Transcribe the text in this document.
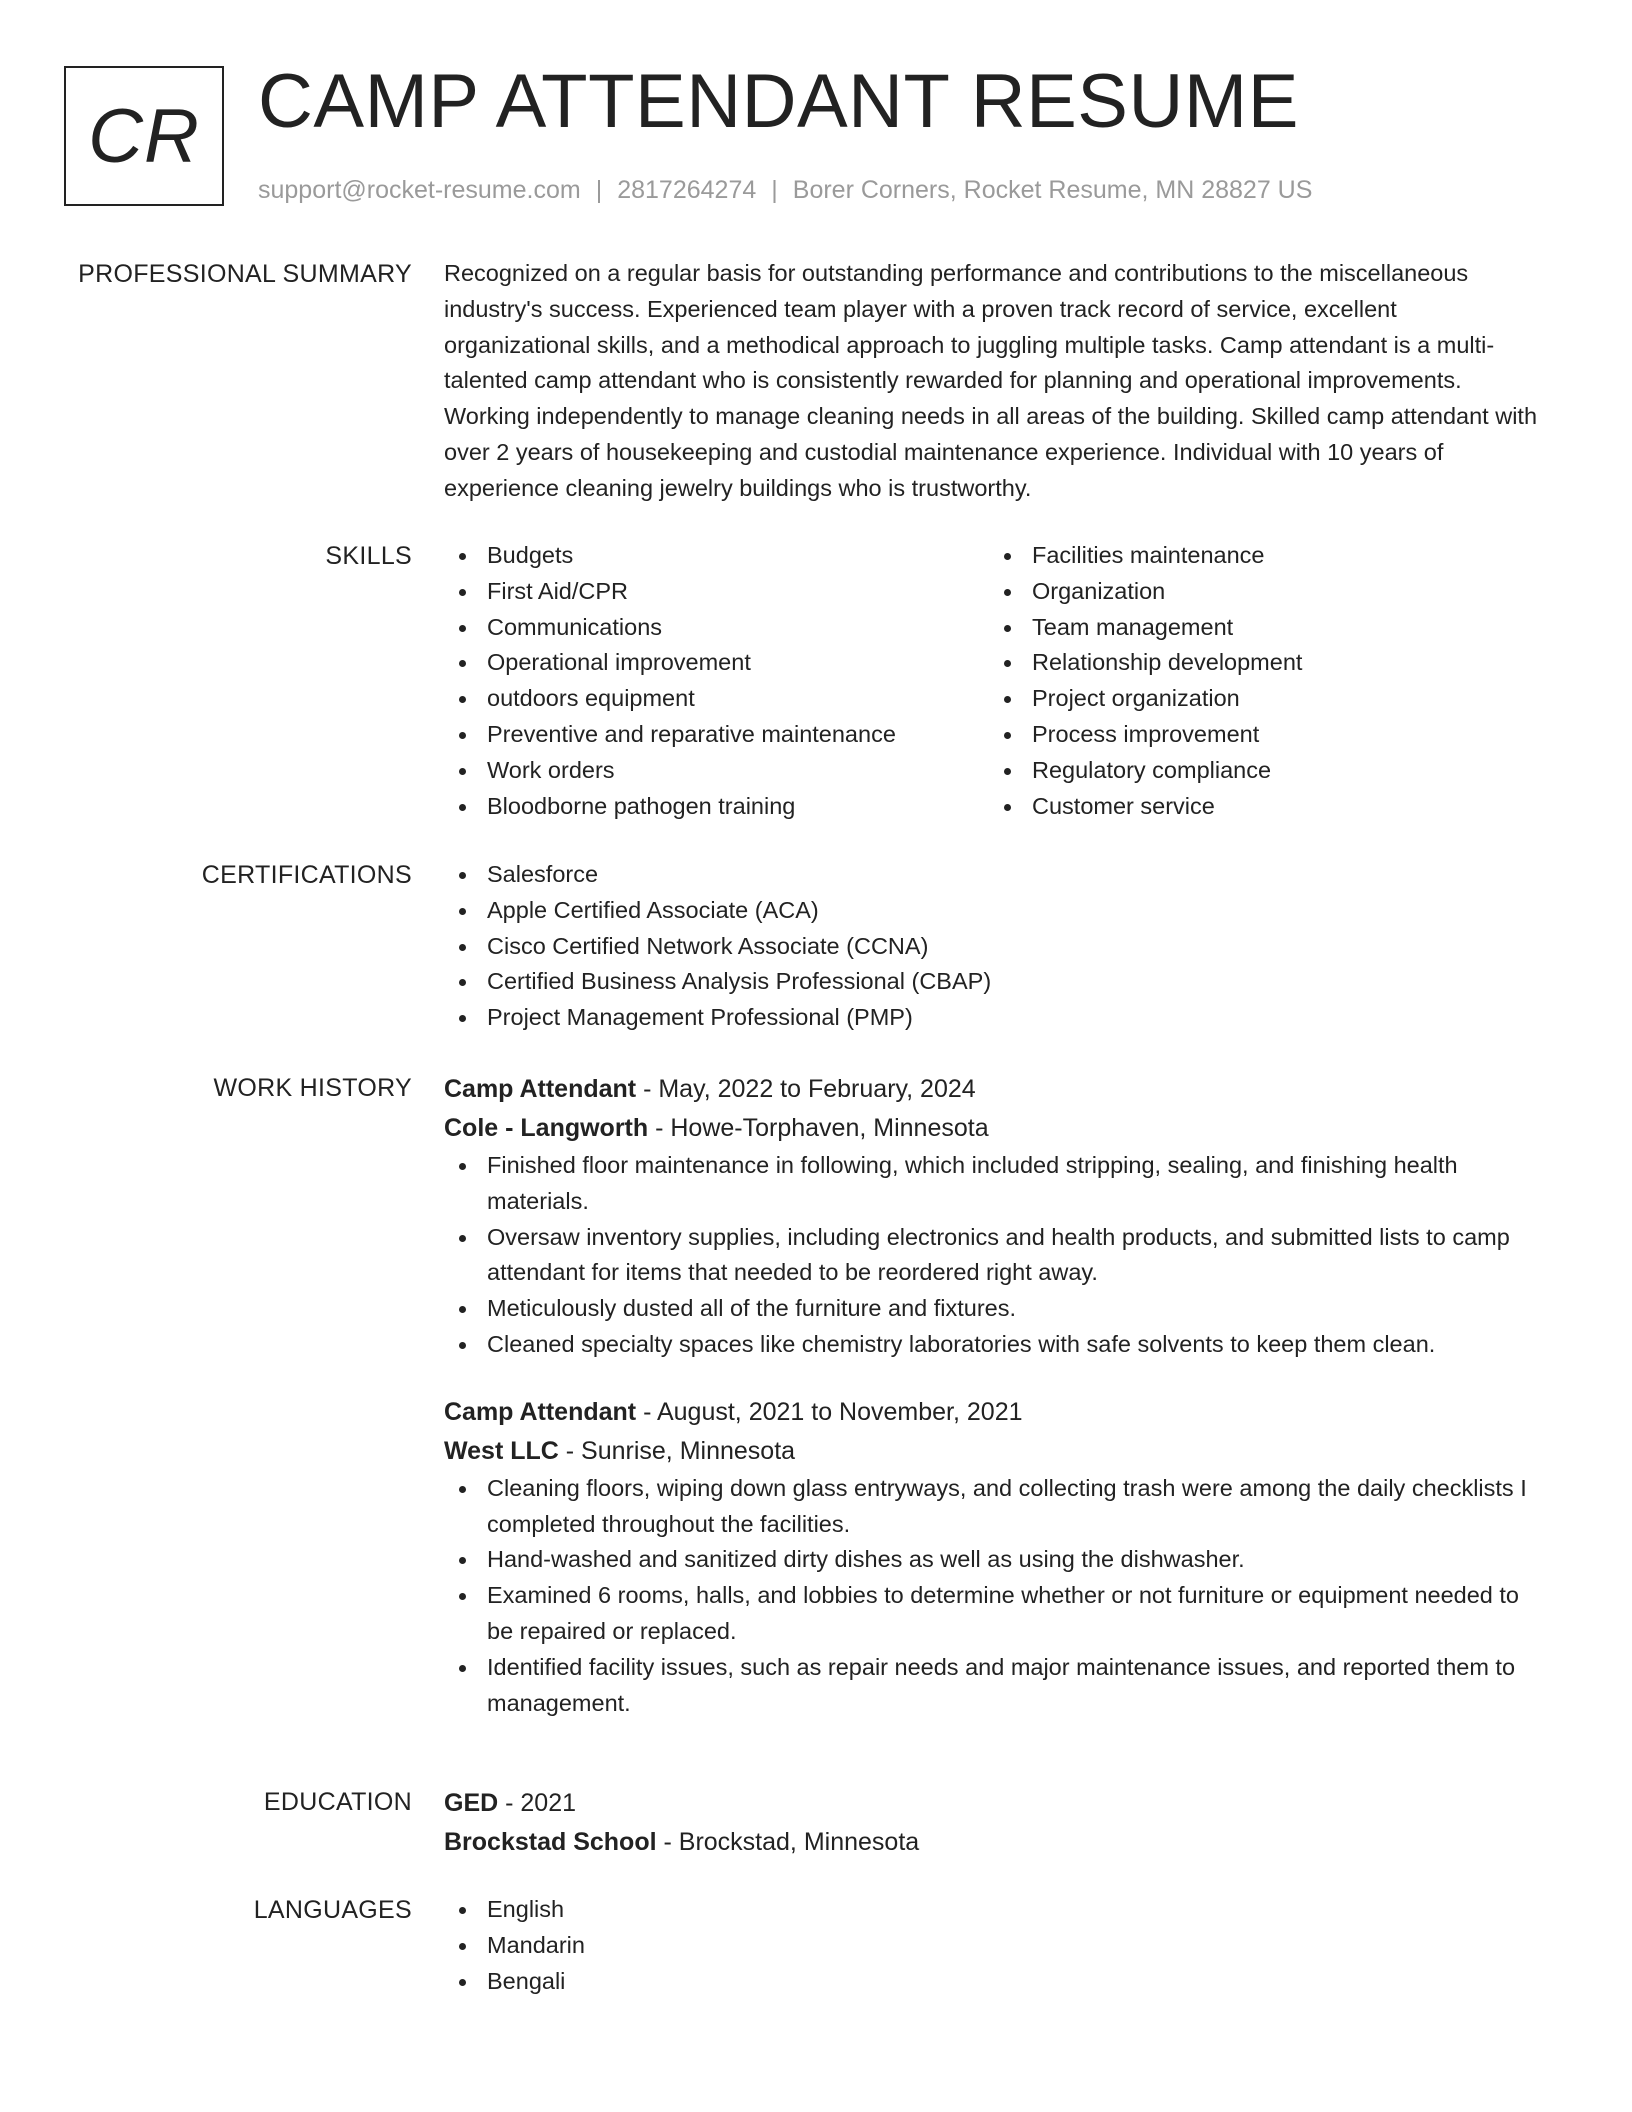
CR CAMP ATTENDANT RESUME
support@rocket-resume.com | 2817264274 | Borer Corners, Rocket Resume, MN 28827 US
PROFESSIONAL SUMMARY Recognized on a regular basis for outstanding performance and contributions to the miscellaneous industry's success. Experienced team player with a proven track record of service, excellent organizational skills, and a methodical approach to juggling multiple tasks. Camp attendant is a multi-talented camp attendant who is consistently rewarded for planning and operational improvements. Working independently to manage cleaning needs in all areas of the building. Skilled camp attendant with over 2 years of housekeeping and custodial maintenance experience. Individual with 10 years of experience cleaning jewelry buildings who is trustworthy.

SKILLS	Budgets
First Aid/CPR
Communications
Operational improvement
outdoors equipment
Preventive and reparative maintenance
Work orders
Bloodborne pathogen training
Facilities maintenance
Organization
Team management
Relationship development
Project organization
Process improvement
Regulatory compliance
Customer service
CERTIFICATIONS	Salesforce
Apple Certified Associate (ACA)
Cisco Certified Network Associate (CCNA)
Certified Business Analysis Professional (CBAP)
Project Management Professional (PMP)
WORK HISTORY Camp Attendant - May, 2022 to February, 2024
Cole - Langworth - Howe-Torphaven, Minnesota
Finished floor maintenance in following, which included stripping, sealing, and finishing health materials.
Oversaw inventory supplies, including electronics and health products, and submitted lists to camp attendant for items that needed to be reordered right away.
Meticulously dusted all of the furniture and fixtures.
Cleaned specialty spaces like chemistry laboratories with safe solvents to keep them clean.
Camp Attendant - August, 2021 to November, 2021
West LLC - Sunrise, Minnesota
Cleaning floors, wiping down glass entryways, and collecting trash were among the daily checklists I completed throughout the facilities.
Hand-washed and sanitized dirty dishes as well as using the dishwasher.
Examined 6 rooms, halls, and lobbies to determine whether or not furniture or equipment needed to be repaired or replaced.
Identified facility issues, such as repair needs and major maintenance issues, and reported them to management.
EDUCATION GED - 2021
Brockstad School - Brockstad, Minnesota
LANGUAGES	English
Mandarin
Bengali
